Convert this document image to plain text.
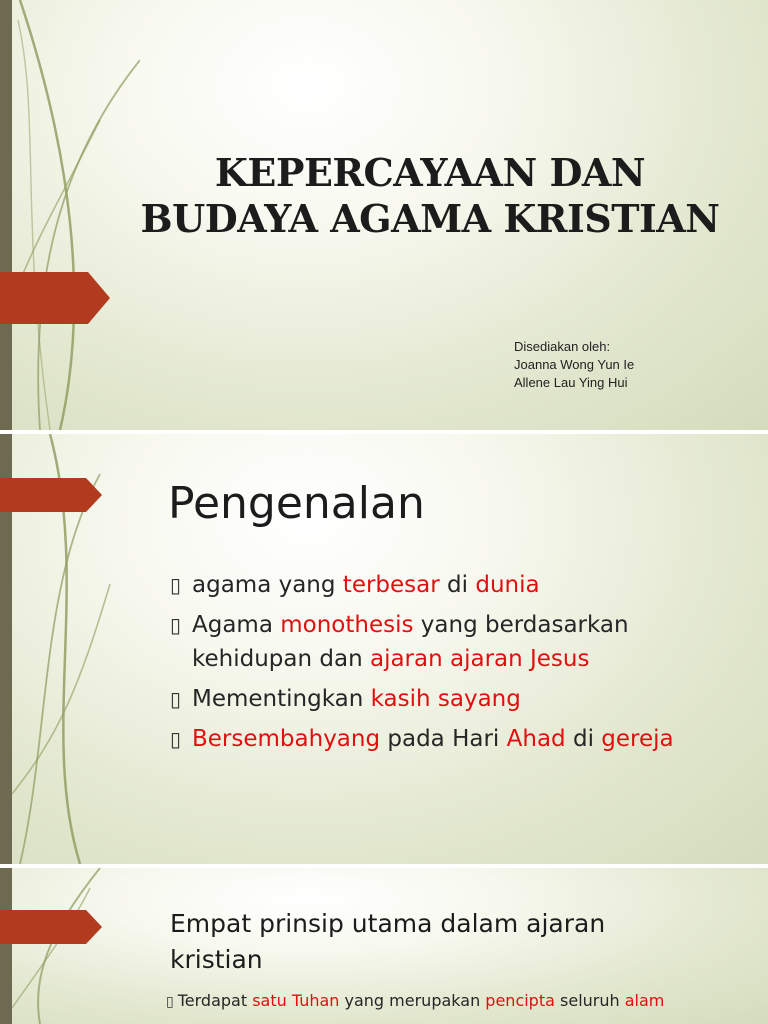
KEPERCAYAAN DAN
BUDAYA AGAMA KRISTIAN
Disediakan oleh:
Joanna Wong Yun Ie
Allene Lau Ying Hui
Pengenalan
▯ agama yang terbesar di dunia
▯ Agama monothesis yang berdasarkan kehidupan dan ajaran ajaran Jesus
▯ Mementingkan kasih sayang
▯ Bersembahyang pada Hari Ahad di gereja
Empat prinsip utama dalam ajaran kristian
▯ Terdapat satu Tuhan yang merupakan pencipta seluruh alam
